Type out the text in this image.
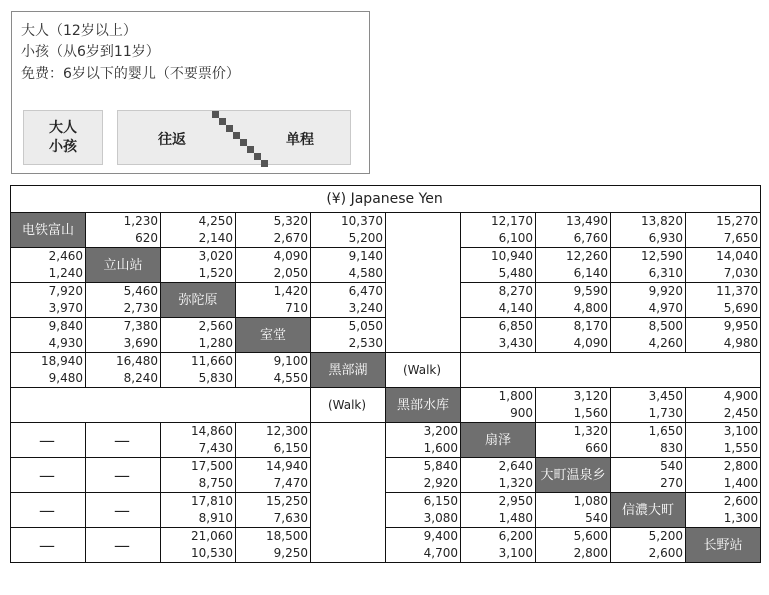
大人（12岁以上）
小孩（从6岁到11岁）
免费：6岁以下的婴儿（不要票价）
大人
小孩	往返	单程
(¥) Japanese Yen									
电铁富山	1,230	4,250	5,320	10,370		12,170	13,490	13,820	15,270
	620	2,140	2,670	5,200		6,100	6,760	6,930	7,650
2,460	立山站	3,020	4,090	9,140		10,940	12,260	12,590	14,040
1,240		1,520	2,050	4,580		5,480	6,140	6,310	7,030
7,920	5,460	弥陀原	1,420	6,470		8,270	9,590	9,920	11,370
3,970	2,730		710	3,240		4,140	4,800	4,970	5,690
9,840	7,380	2,560	室堂	5,050		6,850	8,170	8,500	9,950
4,930	3,690	1,280		2,530		3,430	4,090	4,260	4,980
18,940	16,480	11,660	9,100	黑部湖	(Walk)				
9,480	8,240	5,830	4,550						
				(Walk)	黑部水库	1,800	3,120	3,450	4,900
						900	1,560	1,730	2,450
—	—	14,860	12,300		3,200	扇泽	1,320	1,650	3,100
		7,430	6,150		1,600		660	830	1,550
—	—	17,500	14,940		5,840	2,640	大町温泉乡	540	2,800
		8,750	7,470		2,920	1,320		270	1,400
—	—	17,810	15,250		6,150	2,950	1,080	信濃大町	2,600
		8,910	7,630		3,080	1,480	540		1,300
—	—	21,060	18,500		9,400	6,200	5,600	5,200	长野站
		10,530	9,250		4,700	3,100	2,800	2,600	
